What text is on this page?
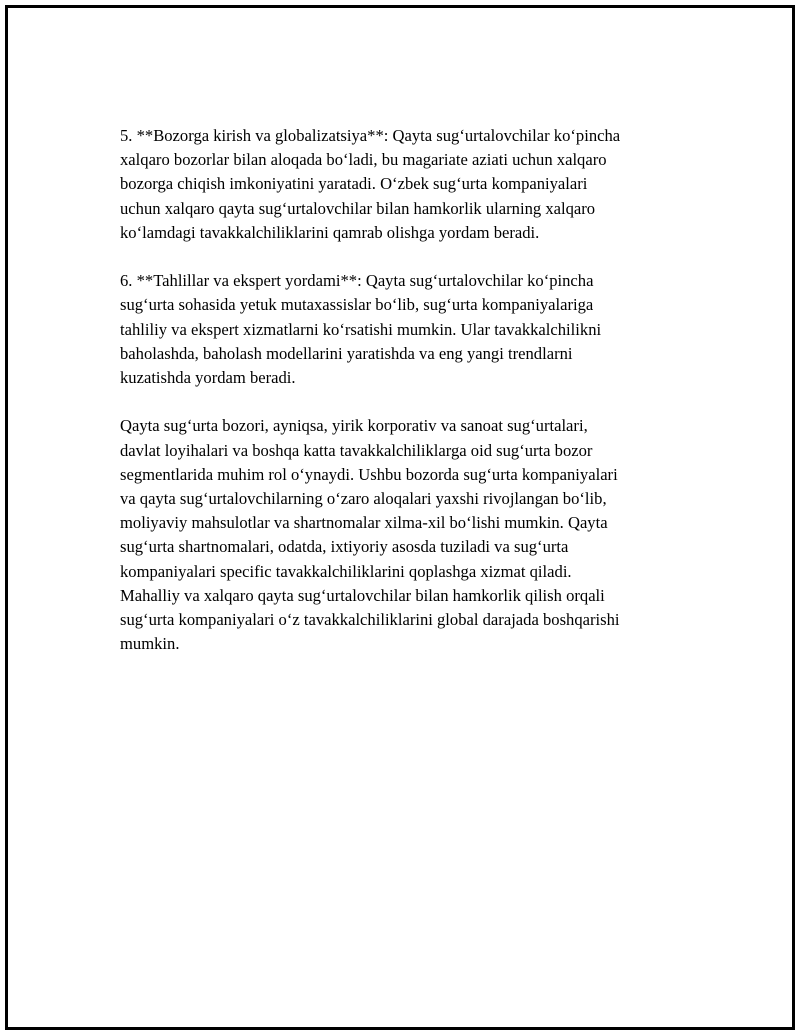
5. **Bozorga kirish va globalizatsiya**: Qayta sug‘urtalovchilar ko‘pincha
xalqaro bozorlar bilan aloqada bo‘ladi, bu magariate aziati uchun xalqaro
bozorga chiqish imkoniyatini yaratadi. O‘zbek sug‘urta kompaniyalari
uchun xalqaro qayta sug‘urtalovchilar bilan hamkorlik ularning xalqaro
ko‘lamdagi tavakkalchiliklarini qamrab olishga yordam beradi.

6. **Tahlillar va ekspert yordami**: Qayta sug‘urtalovchilar ko‘pincha
sug‘urta sohasida yetuk mutaxassislar bo‘lib, sug‘urta kompaniyalariga
tahliliy va ekspert xizmatlarni ko‘rsatishi mumkin. Ular tavakkalchilikni
baholashda, baholash modellarini yaratishda va eng yangi trendlarni
kuzatishda yordam beradi.

Qayta sug‘urta bozori, ayniqsa, yirik korporativ va sanoat sug‘urtalari,
davlat loyihalari va boshqa katta tavakkalchiliklarga oid sug‘urta bozor
segmentlarida muhim rol o‘ynaydi. Ushbu bozorda sug‘urta kompaniyalari
va qayta sug‘urtalovchilarning o‘zaro aloqalari yaxshi rivojlangan bo‘lib,
moliyaviy mahsulotlar va shartnomalar xilma-xil bo‘lishi mumkin. Qayta
sug‘urta shartnomalari, odatda, ixtiyoriy asosda tuziladi va sug‘urta
kompaniyalari specific tavakkalchiliklarini qoplashga xizmat qiladi.
Mahalliy va xalqaro qayta sug‘urtalovchilar bilan hamkorlik qilish orqali
sug‘urta kompaniyalari o‘z tavakkalchiliklarini global darajada boshqarishi
mumkin.
